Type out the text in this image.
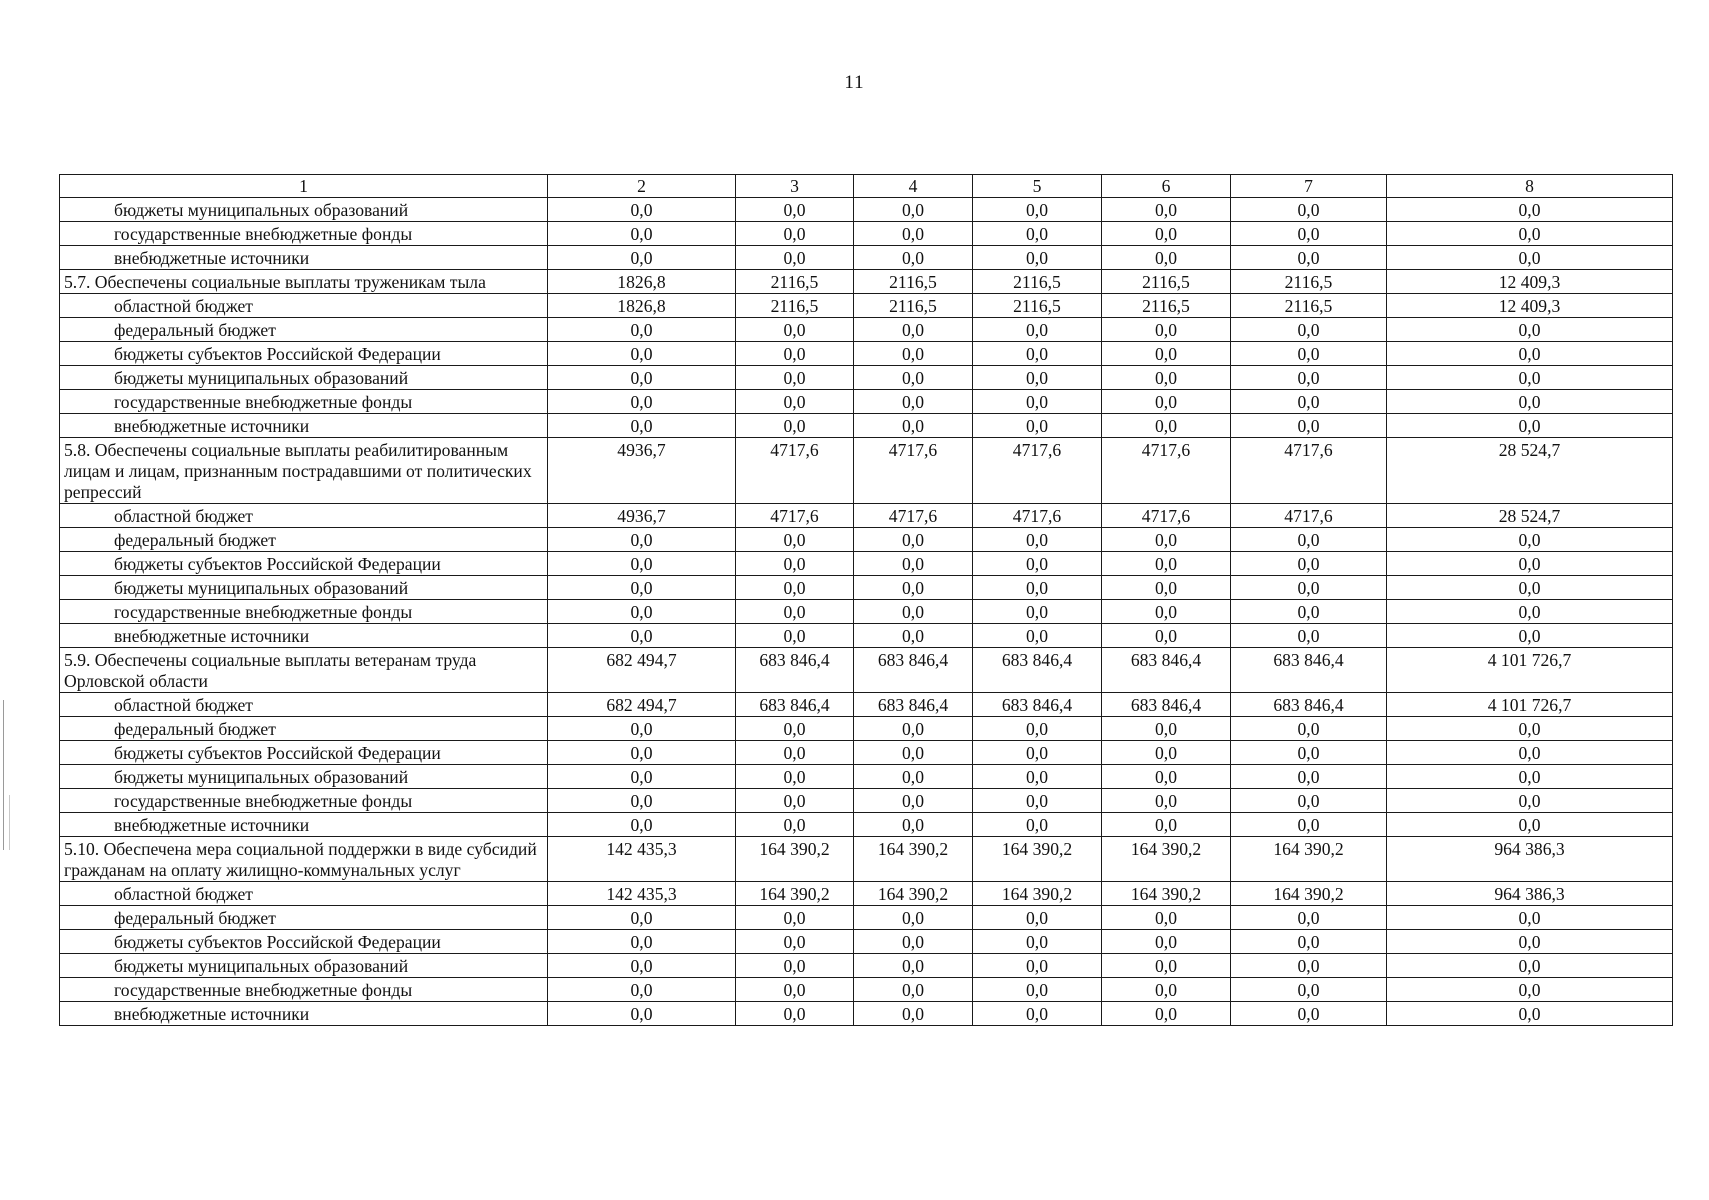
11
1	2	3	4	5	6	7	8
бюджеты муниципальных образований	0,0	0,0	0,0	0,0	0,0	0,0	0,0
государственные внебюджетные фонды	0,0	0,0	0,0	0,0	0,0	0,0	0,0
внебюджетные источники	0,0	0,0	0,0	0,0	0,0	0,0	0,0
5.7. Обеспечены социальные выплаты труженикам тыла	1826,8	2116,5	2116,5	2116,5	2116,5	2116,5	12 409,3
областной бюджет	1826,8	2116,5	2116,5	2116,5	2116,5	2116,5	12 409,3
федеральный бюджет	0,0	0,0	0,0	0,0	0,0	0,0	0,0
бюджеты субъектов Российской Федерации	0,0	0,0	0,0	0,0	0,0	0,0	0,0
бюджеты муниципальных образований	0,0	0,0	0,0	0,0	0,0	0,0	0,0
государственные внебюджетные фонды	0,0	0,0	0,0	0,0	0,0	0,0	0,0
внебюджетные источники	0,0	0,0	0,0	0,0	0,0	0,0	0,0
5.8. Обеспечены социальные выплаты реабилитированным лицам и лицам, признанным пострадавшими от политических репрессий	4936,7	4717,6	4717,6	4717,6	4717,6	4717,6	28 524,7
областной бюджет	4936,7	4717,6	4717,6	4717,6	4717,6	4717,6	28 524,7
федеральный бюджет	0,0	0,0	0,0	0,0	0,0	0,0	0,0
бюджеты субъектов Российской Федерации	0,0	0,0	0,0	0,0	0,0	0,0	0,0
бюджеты муниципальных образований	0,0	0,0	0,0	0,0	0,0	0,0	0,0
государственные внебюджетные фонды	0,0	0,0	0,0	0,0	0,0	0,0	0,0
внебюджетные источники	0,0	0,0	0,0	0,0	0,0	0,0	0,0
5.9. Обеспечены социальные выплаты ветеранам труда Орловской области	682 494,7	683 846,4	683 846,4	683 846,4	683 846,4	683 846,4	4 101 726,7
областной бюджет	682 494,7	683 846,4	683 846,4	683 846,4	683 846,4	683 846,4	4 101 726,7
федеральный бюджет	0,0	0,0	0,0	0,0	0,0	0,0	0,0
бюджеты субъектов Российской Федерации	0,0	0,0	0,0	0,0	0,0	0,0	0,0
бюджеты муниципальных образований	0,0	0,0	0,0	0,0	0,0	0,0	0,0
государственные внебюджетные фонды	0,0	0,0	0,0	0,0	0,0	0,0	0,0
внебюджетные источники	0,0	0,0	0,0	0,0	0,0	0,0	0,0
5.10. Обеспечена мера социальной поддержки в виде субсидий гражданам на оплату жилищно-коммунальных услуг	142 435,3	164 390,2	164 390,2	164 390,2	164 390,2	164 390,2	964 386,3
областной бюджет	142 435,3	164 390,2	164 390,2	164 390,2	164 390,2	164 390,2	964 386,3
федеральный бюджет	0,0	0,0	0,0	0,0	0,0	0,0	0,0
бюджеты субъектов Российской Федерации	0,0	0,0	0,0	0,0	0,0	0,0	0,0
бюджеты муниципальных образований	0,0	0,0	0,0	0,0	0,0	0,0	0,0
государственные внебюджетные фонды	0,0	0,0	0,0	0,0	0,0	0,0	0,0
внебюджетные источники	0,0	0,0	0,0	0,0	0,0	0,0	0,0
